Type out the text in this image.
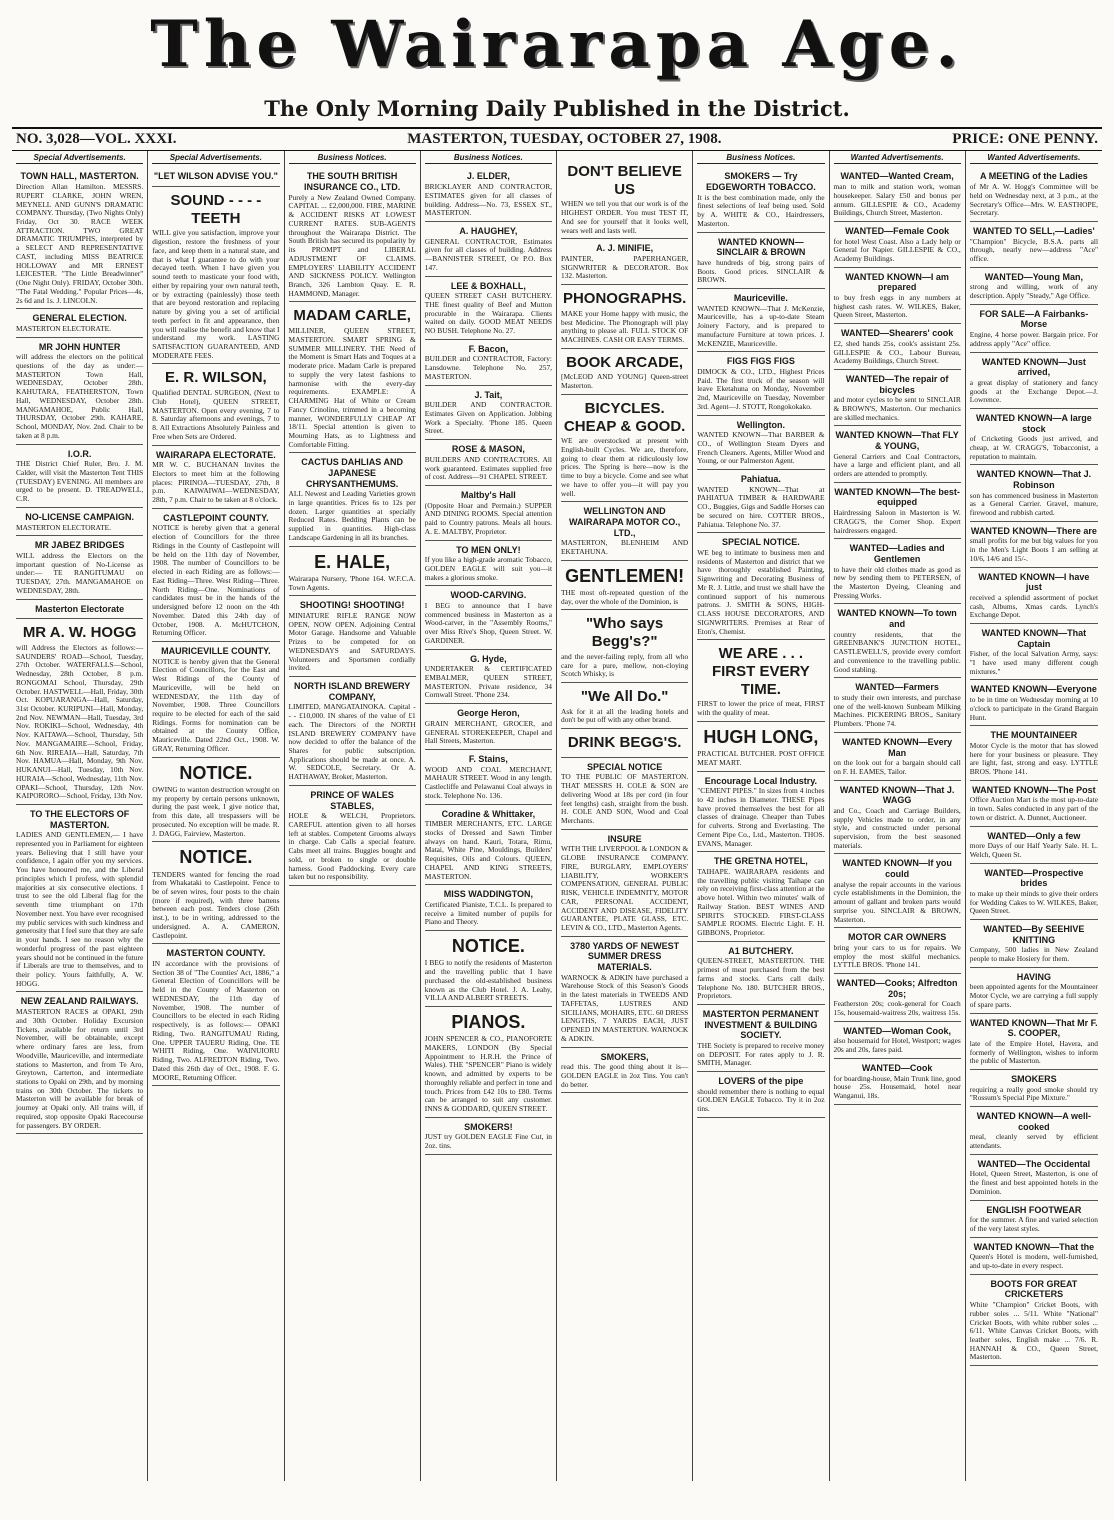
The Wairarapa Age.
The Only Morning Daily Published in the District.
NO. 3,028—VOL. XXXI.	MASTERTON, TUESDAY, OCTOBER 27, 1908.	PRICE: ONE PENNY.
Special Advertisements.
TOWN HALL, MASTERTON.
Direction Allan Hamilton. MESSRS. RUPERT CLARKE, JOHN WREN, MEYNELL AND GUNN'S DRAMATIC COMPANY. Thursday, (Two Nights Only) Friday, Oct 30. RACE WEEK ATTRACTION. TWO GREAT DRAMATIC TRIUMPHS, interpreted by a SELECT AND REPRESENTATIVE CAST, including MISS BEATRICE HOLLOWAY and MR ERNEST LEICESTER. "The Little Breadwinner" (One Night Only). FRIDAY, October 30th. "The Fatal Wedding." Popular Prices—4s, 2s 6d and 1s. J. LINCOLN.
GENERAL ELECTION.
MASTERTON ELECTORATE.
MR JOHN HUNTER
will address the electors on the political questions of the day as under:— MASTERTON Town Hall, WEDNESDAY, October 28th. KAHUTARA, FEATHERSTON, Town Hall, WEDNESDAY, October 28th. MANGAMAHOE, Public Hall, THURSDAY, October 29th. KAHARE, School, MONDAY, Nov. 2nd. Chair to be taken at 8 p.m.
I.O.R.
THE District Chief Ruler, Bro. J. M. Calder, will visit the Masterton Tent THIS (TUESDAY) EVENING. All members are urged to be present. D. TREADWELL, C.R.
NO-LICENSE CAMPAIGN.
MASTERTON ELECTORATE.
MR JABEZ BRIDGES
WILL address the Electors on the important question of No-License as under:— TE RANGITUMAU on TUESDAY, 27th. MANGAMAHOE on WEDNESDAY, 28th.
Masterton Electorate
MR A. W. HOGG
will Address the Electors as follows:— SAUNDERS' ROAD—School, Tuesday, 27th October. WATERFALLS—School, Wednesday, 28th October, 8 p.m. RONGOMAI School, Thursday, 29th October. HASTWELL—Hall, Friday, 30th Oct. KOPUARANGA—Hall, Saturday, 31st October. KURIPUNI—Hall, Monday, 2nd Nov. NEWMAN—Hall, Tuesday, 3rd Nov. ROKIKI—School, Wednesday, 4th Nov. KAITAWA—School, Thursday, 5th Nov. MANGAMAIRE—School, Friday, 6th Nov. RIREAIA—Hall, Saturday, 7th Nov. HAMUA—Hall, Monday, 9th Nov. HUKANUI—Hall, Tuesday, 10th Nov. HURAIA—School, Wednesday, 11th Nov. OPAKI—School, Thursday, 12th Nov. KAIPORORO—School, Friday, 13th Nov.
TO THE ELECTORS OF MASTERTON.
LADIES AND GENTLEMEN,— I have represented you in Parliament for eighteen years. Believing that I still have your confidence, I again offer you my services. You have honoured me, and the Liberal principles which I profess, with splendid majorities at six consecutive elections. I trust to see the old Liberal flag for the seventh time triumphant on 17th November next. You have ever recognised my public services with such kindness and generosity that I feel sure that they are safe in your hands. I see no reason why the wonderful progress of the past eighteen years should not be continued in the future if Liberals are true to themselves, and to their policy. Yours faithfully, A. W. HOGG.
NEW ZEALAND RAILWAYS.
MASTERTON RACES at OPAKI, 29th and 30th October. Holiday Excursion Tickets, available for return until 3rd November, will be obtainable, except where ordinary fares are less, from Woodville, Mauriceville, and intermediate stations to Masterton, and from Te Aro, Greytown, Carterton, and intermediate stations to Opaki on 29th, and by morning trains on 30th October. The tickets to Masterton will be available for break of journey at Opaki only. All trains will, if required, stop opposite Opaki Racecourse for passengers. BY ORDER.
Special Advertisements.
"LET WILSON ADVISE YOU."
SOUND - - - - TEETH
WILL give you satisfaction, improve your digestion, restore the freshness of your face, and keep them in a natural state, and that is what I guarantee to do with your decayed teeth. When I have given you sound teeth to masticate your food with, either by repairing your own natural teeth, or by extracting (painlessly) those teeth that are beyond restoration and replacing nature by giving you a set of artificial teeth perfect in fit and appearance, then you will realise the benefit and know that I understand my work. LASTING SATISFACTION GUARANTEED, AND MODERATE FEES.
E. R. WILSON,
Qualified DENTAL SURGEON, (Next to Club Hotel), QUEEN STREET, MASTERTON. Open every evening, 7 to 8. Saturday afternoons and evenings, 7 to 8. All Extractions Absolutely Painless and Free when Sets are Ordered.
WAIRARAPA ELECTORATE.
MR W. C. BUCHANAN Invites the Electors to meet him at the following places: PIRINOA—TUESDAY, 27th, 8 p.m. KAIWAIWAI—WEDNESDAY, 28th, 7 p.m. Chair to be taken at 8 o'clock.
CASTLEPOINT COUNTY.
NOTICE is hereby given that a general election of Councillors for the three Ridings in the County of Castlepoint will be held on the 11th day of November, 1908. The number of Councillors to be elected in each Riding are as follows:— East Riding—Three. West Riding—Three. North Riding—One. Nominations of candidates must be in the hands of the undersigned before 12 noon on the 4th November. Dated this 24th day of October, 1908. A. McHUTCHON, Returning Officer.
MAURICEVILLE COUNTY.
NOTICE is hereby given that the General Election of Councillors, for the East and West Ridings of the County of Mauriceville, will be held on WEDNESDAY, the 11th day of November, 1908. Three Councillors require to be elected for each of the said Ridings. Forms for nomination can be obtained at the County Office, Mauriceville. Dated 22nd Oct., 1908. W. GRAY, Returning Officer.
NOTICE.
OWING to wanton destruction wrought on my property by certain persons unknown, during the past week, I give notice that, from this date, all trespassers will be prosecuted. No exception will be made. R. J. DAGG, Fairview, Masterton.
NOTICE.
TENDERS wanted for fencing the road from Whakataki to Castlepoint. Fence to be of seven wires, four posts to the chain (more if required), with three battens between each post. Tenders close (26th inst.), to be in writing, addressed to the undersigned. A. A. CAMERON, Castlepoint.
MASTERTON COUNTY.
IN accordance with the provisions of Section 38 of "The Counties' Act, 1886," a General Election of Councillors will be held in the County of Masterton on WEDNESDAY, the 11th day of November, 1908. The number of Councillors to be elected in each Riding respectively, is as follows:— OPAKI Riding, Two. RANGITUMAU Riding, One. UPPER TAUERU Riding, One. TE WHITI Riding, One. WAINUIORU Riding, Two. ALFREDTON Riding, Two. Dated this 26th day of Oct., 1908. F. G. MOORE, Returning Officer.
Business Notices.
THE SOUTH BRITISH INSURANCE CO., LTD.
Purely a New Zealand Owned Company. CAPITAL ... £2,000,000. FIRE, MARINE & ACCIDENT RISKS AT LOWEST CURRENT RATES. SUB-AGENTS throughout the Wairarapa District. The South British has secured its popularity by its PROMPT and LIBERAL ADJUSTMENT OF CLAIMS. EMPLOYERS' LIABILITY ACCIDENT AND SICKNESS POLICY. Wellington Branch, 326 Lambton Quay. E. R. HAMMOND, Manager.
MADAM CARLE,
MILLINER, QUEEN STREET, MASTERTON. SMART SPRING & SUMMER MILLINERY. THE Need of the Moment is Smart Hats and Toques at a moderate price. Madam Carle is prepared to supply the very latest fashions to harmonise with the every-day requirements. EXAMPLE: A CHARMING Hat of White or Cream Fancy Crinoline, trimmed in a becoming manner, WONDERFULLY CHEAP AT 18/11. Special attention is given to Mourning Hats, as to Lightness and Comfortable Fitting.
CACTUS DAHLIAS AND JAPANESE CHRYSANTHEMUMS.
ALL Newest and Leading Varieties grown in large quantities. Prices 6s to 12s per dozen. Larger quantities at specially Reduced Rates. Bedding Plants can be supplied in quantities. High-class Landscape Gardening in all its branches.
E. HALE,
Wairarapa Nursery, 'Phone 164. W.F.C.A. Town Agents.
SHOOTING! SHOOTING!
MINIATURE RIFLE RANGE NOW OPEN, NOW OPEN. Adjoining Central Motor Garage. Handsome and Valuable Prizes to be competed for on WEDNESDAYS and SATURDAYS. Volunteers and Sportsmen cordially invited.
NORTH ISLAND BREWERY COMPANY,
LIMITED, MANGATAINOKA. Capital - - - £10,000. IN shares of the value of £1 each. The Directors of the NORTH ISLAND BREWERY COMPANY have now decided to offer the balance of the Shares for public subscription. Applications should be made at once. A. W. SEDCOLE, Secretary. Or A. HATHAWAY, Broker, Masterton.
PRINCE OF WALES STABLES,
HOLE & WELCH, Proprietors. CAREFUL attention given to all horses left at stables. Competent Grooms always in charge. Cab Calls a special feature. Cabs meet all trains. Buggies bought and sold, or broken to single or double harness. Good Paddocking. Every care taken but no responsibility.
Business Notices.
J. ELDER,
BRICKLAYER AND CONTRACTOR, ESTIMATES given for all classes of building. Address—No. 73, ESSEX ST., MASTERTON.
A. HAUGHEY,
GENERAL CONTRACTOR, Estimates given for all classes of building. Address—BANNISTER STREET, Or P.O. Box 147.
LEE & BOXHALL,
QUEEN STREET CASH BUTCHERY. THE finest quality of Beef and Mutton procurable in the Wairarapa. Clients waited on daily. GOOD MEAT NEEDS NO BUSH. Telephone No. 27.
F. Bacon,
BUILDER and CONTRACTOR, Factory: Lansdowne. Telephone No. 257, MASTERTON.
J. Tait,
BUILDER AND CONTRACTOR. Estimates Given on Application. Jobbing Work a Specialty. 'Phone 185. Queen Street.
ROSE & MASON,
BUILDERS AND CONTRACTORS. All work guaranteed. Estimates supplied free of cost. Address—91 CHAPEL STREET.
Maltby's Hall
(Opposite Hoar and Permain.) SUPPER AND DINING ROOMS. Special attention paid to Country patrons. Meals all hours. A. E. MALTBY, Proprietor.
TO MEN ONLY!
If you like a high-grade aromatic Tobacco, GOLDEN EAGLE will suit you—it makes a glorious smoke.
WOOD-CARVING.
I BEG to announce that I have commenced business in Masterton as a Wood-carver, in the "Assembly Rooms," over Miss Rive's Shop, Queen Street. W. GARDINER.
G. Hyde,
UNDERTAKER & CERTIFICATED EMBALMER, QUEEN STREET, MASTERTON. Private residence, 34 Cornwall Street. 'Phone 234.
George Heron,
GRAIN MERCHANT, GROCER, and GENERAL STOREKEEPER, Chapel and Hall Streets, Masterton.
F. Stains,
WOOD AND COAL MERCHANT, MAHAUR STREET. Wood in any length. Castlecliffe and Pelawanui Coal always in stock. Telephone No. 136.
Coradine & Whittaker,
TIMBER MERCHANTS, ETC. LARGE stocks of Dressed and Sawn Timber always on hand. Kauri, Totara, Rimu, Matai, White Pine, Mouldings, Builders' Requisites, Oils and Colours. QUEEN, CHAPEL AND KING STREETS, MASTERTON.
MISS WADDINGTON,
Certificated Pianiste, T.C.L. Is prepared to receive a limited number of pupils for Piano and Theory.
NOTICE.
I BEG to notify the residents of Masterton and the travelling public that I have purchased the old-established business known as the Club Hotel. J. A. Leahy, VILLA AND ALBERT STREETS.
PIANOS.
JOHN SPENCER & CO., PIANOFORTE MAKERS, LONDON (By Special Appointment to H.R.H. the Prince of Wales). THE "SPENCER" Piano is widely known, and admitted by experts to be thoroughly reliable and perfect in tone and touch. Prices from £42 10s to £80. Terms can be arranged to suit any customer. INNS & GODDARD, QUEEN STREET.
SMOKERS!
JUST try GOLDEN EAGLE Fine Cut, in 2oz. tins.
DON'T BELIEVE US
WHEN we tell you that our work is of the HIGHEST ORDER. You must TEST IT, And see for yourself that it looks well, wears well and lasts well.
A. J. MINIFIE,
PAINTER, PAPERHANGER, SIGNWRITER & DECORATOR. Box 132. Masterton.
PHONOGRAPHS.
MAKE your Home happy with music, the best Medicine. The Phonograph will play anything to please all. FULL STOCK OF MACHINES. CASH OR EASY TERMS.
BOOK ARCADE,
[McLEOD AND YOUNG] Queen-street Masterton.
BICYCLES. CHEAP & GOOD.
WE are overstocked at present with English-built Cycles. We are, therefore, going to clear them at ridiculously low prices. The Spring is here—now is the time to buy a bicycle. Come and see what we have to offer you—it will pay you well.
WELLINGTON AND WAIRARAPA MOTOR CO., LTD.,
MASTERTON, BLENHEIM AND EKETAHUNA.
GENTLEMEN!
THE most oft-repeated question of the day, over the whole of the Dominion, is
"Who says Begg's?"
and the never-failing reply, from all who care for a pure, mellow, non-cloying Scotch Whisky, is
"We All Do."
Ask for it at all the leading hotels and don't be put off with any other brand.
DRINK BEGG'S.
SPECIAL NOTICE
TO THE PUBLIC OF MASTERTON. THAT MESSRS H. COLE & SON are delivering Wood at 18s per cord (in four feet lengths) cash, straight from the bush. H. COLE AND SON, Wood and Coal Merchants.
INSURE
WITH THE LIVERPOOL & LONDON & GLOBE INSURANCE COMPANY. FIRE, BURGLARY, EMPLOYERS' LIABILITY, WORKER'S COMPENSATION, GENERAL PUBLIC RISK, VEHICLE INDEMNITY, MOTOR CAR, PERSONAL ACCIDENT, ACCIDENT AND DISEASE, FIDELITY GUARANTEE, PLATE GLASS, ETC. LEVIN & CO., LTD., Masterton Agents.
3780 YARDS OF NEWEST SUMMER DRESS MATERIALS.
WARNOCK & ADKIN have purchased a Warehouse Stock of this Season's Goods in the latest materials in TWEEDS AND TAFFETAS, LUSTRES AND SICILIANS, MOHAIRS, ETC. 60 DRESS LENGTHS, 7 YARDS EACH, JUST OPENED IN MASTERTON. WARNOCK & ADKIN.
SMOKERS,
read this. The good thing about it is—GOLDEN EAGLE in 2oz Tins. You can't do better.
Business Notices.
SMOKERS — Try EDGEWORTH TOBACCO.
It is the best combination made, only the finest selections of leaf being used. Sold by A. WHITE & CO., Hairdressers, Masterton.
WANTED KNOWN—SINCLAIR & BROWN
have hundreds of big, strong pairs of Boots. Good prices. SINCLAIR & BROWN.
Mauriceville.
WANTED KNOWN—That J. McKenzie, Mauriceville, has a up-to-date Steam Joinery Factory, and is prepared to manufacture Furniture at town prices. J. McKENZIE, Mauriceville.
FIGS FIGS FIGS
DIMOCK & CO., LTD., Highest Prices Paid. The first truck of the season will leave Eketahuna on Monday, November 2nd, Mauriceville on Tuesday, November 3rd. Agent—J. STOTT, Rongokokako.
Wellington.
WANTED KNOWN—That BARBER & CO., of Wellington Steam Dyers and French Cleaners. Agents, Miller Wood and Young, or our Palmerston Agent.
Pahiatua.
WANTED KNOWN—That at PAHIATUA TIMBER & HARDWARE CO., Buggies, Gigs and Saddle Horses can be secured on hire. COTTER BROS., Pahiatua. Telephone No. 37.
SPECIAL NOTICE.
WE beg to intimate to business men and residents of Masterton and district that we have thoroughly established Painting, Signwriting and Decorating Business of Mr R. J. Little, and trust we shall have the continued support of his numerous patrons. J. SMITH & SONS, HIGH-CLASS HOUSE DECORATORS, AND SIGNWRITERS. Premises at Rear of Eton's, Chemist.
WE ARE . . . FIRST EVERY TIME.
FIRST to lower the price of meat, FIRST with the quality of meat.
HUGH LONG,
PRACTICAL BUTCHER. POST OFFICE MEAT MART.
Encourage Local Industry.
"CEMENT PIPES." In sizes from 4 inches to 42 inches in Diameter. THESE Pipes have proved themselves the best for all classes of drainage. Cheaper than Tubes for culverts. Strong and Everlasting. The Cement Pipe Co., Ltd., Masterton. THOS. EVANS, Manager.
THE GRETNA HOTEL,
TAIHAPE. WAIRARAPA residents and the travelling public visiting Taihape can rely on receiving first-class attention at the above hotel. Within two minutes' walk of Railway Station. BEST WINES AND SPIRITS STOCKED. FIRST-CLASS SAMPLE ROOMS. Electric Light. F. H. GIBBONS, Proprietor.
A1 BUTCHERY.
QUEEN-STREET, MASTERTON. THE primest of meat purchased from the best farms and stocks. Carts call daily. Telephone No. 180. BUTCHER BROS., Proprietors.
MASTERTON PERMANENT INVESTMENT & BUILDING SOCIETY.
THE Society is prepared to receive money on DEPOSIT. For rates apply to J. R. SMITH, Manager.
LOVERS of the pipe
should remember there is nothing to equal GOLDEN EAGLE Tobacco. Try it in 2oz tins.
Wanted Advertisements.
WANTED—Wanted Cream,
man to milk and station work, woman housekeeper. Salary £50 and bonus per annum. GILLESPIE & CO., Academy Buildings, Church Street, Masterton.
WANTED—Female Cook
for hotel West Coast. Also a Lady help or General for Napier. GILLESPIE & CO., Academy Buildings.
WANTED KNOWN—I am prepared
to buy fresh eggs in any numbers at highest cash rates. W. WILKES, Baker, Queen Street, Masterton.
WANTED—Shearers' cook
£2, shed hands 25s, cook's assistant 25s. GILLESPIE & CO., Labour Bureau, Academy Buildings, Church Street.
WANTED—The repair of bicycles
and motor cycles to be sent to SINCLAIR & BROWN'S, Masterton. Our mechanics are skilled mechanics.
WANTED KNOWN—That FLY & YOUNG,
General Carriers and Coal Contractors, have a large and efficient plant, and all orders are attended to promptly.
WANTED KNOWN—The best-equipped
Hairdressing Saloon in Masterton is W. CRAGG'S, the Corner Shop. Expert hairdressers engaged.
WANTED—Ladies and Gentlemen
to have their old clothes made as good as new by sending them to PETERSEN, of the Masterton Dyeing, Cleaning and Pressing Works.
WANTED KNOWN—To town and
country residents, that the GREENBANK'S JUNCTION HOTEL, CASTLEWELL'S, provide every comfort and convenience to the travelling public. Good stabling.
WANTED—Farmers
to study their own interests, and purchase one of the well-known Sunbeam Milking Machines. PICKERING BROS., Sanitary Plumbers. 'Phone 74.
WANTED KNOWN—Every Man
on the look out for a bargain should call on F. H. EAMES, Tailor.
WANTED KNOWN—That J. WAGG
and Co., Coach and Carriage Builders, supply Vehicles made to order, in any style, and constructed under personal supervision, from the best seasoned materials.
WANTED KNOWN—If you could
analyse the repair accounts in the various cycle establishments in the Dominion, the amount of gallant and broken parts would surprise you. SINCLAIR & BROWN, Masterton.
MOTOR CAR OWNERS
bring your cars to us for repairs. We employ the most skilful mechanics. LYTTLE BROS. 'Phone 141.
WANTED—Cooks; Alfredton 20s;
Featherston 20s; cook-general for Coach 15s, housemaid-waitress 20s, waitress 15s.
WANTED—Woman Cook,
also housemaid for Hotel, Westport; wages 20s and 20s, fares paid.
WANTED—Cook
for boarding-house, Main Trunk line, good house 25s. Housemaid, hotel near Wanganui, 18s.
Wanted Advertisements.
A MEETING of the Ladies
of Mr A. W. Hogg's Committee will be held on Wednesday next, at 3 p.m., at the Secretary's Office—Mrs. W. EASTHOPE, Secretary.
WANTED TO SELL,—Ladies'
"Champion" Bicycle, B.S.A. parts all through, nearly new—address "Ace" office.
WANTED—Young Man,
strong and willing, work of any description. Apply "Steady," Age Office.
FOR SALE—A Fairbanks-Morse
Engine, 4 horse power. Bargain price. For address apply "Ace" office.
WANTED KNOWN—Just arrived,
a great display of stationery and fancy goods at the Exchange Depot.—J. Lowrence.
WANTED KNOWN—A large stock
of Cricketing Goods just arrived, and cheap, at W. CRAGG'S, Tobacconist, a reputation to maintain.
WANTED KNOWN—That J. Robinson
son has commenced business in Masterton as a General Carrier. Gravel, manure, firewood and rubbish carted.
WANTED KNOWN—There are
small profits for me but big values for you in the Men's Light Boots I am selling at 10/6, 14/6 and 15/-.
WANTED KNOWN—I have just
received a splendid assortment of pocket cash, Albums, Xmas cards. Lynch's Exchange Depot.
WANTED KNOWN—That Captain
Fisher, of the local Salvation Army, says: "I have used many different cough mixtures."
WANTED KNOWN—Everyone
to be in time on Wednesday morning at 10 o'clock to participate in the Grand Bargain Hunt.
THE MOUNTAINEER
Motor Cycle is the motor that has slowed here for your business or pleasure. They are light, fast, strong and easy. LYTTLE BROS. 'Phone 141.
WANTED KNOWN—The Post
Office Auction Mart is the most up-to-date in town. Sales conducted in any part of the town or district. A. Dunnet, Auctioneer.
WANTED—Only a few
more Days of our Half Yearly Sale. H. L. Welch, Queen St.
WANTED—Prospective brides
to make up their minds to give their orders for Wedding Cakes to W. WILKES, Baker, Queen Street.
WANTED—By SEEHIVE KNITTING
Company, 500 ladies in New Zealand people to make Hosiery for them.
HAVING
been appointed agents for the Mountaineer Motor Cycle, we are carrying a full supply of spare parts.
WANTED KNOWN—That Mr F. S. COOPER,
late of the Empire Hotel, Havera, and formerly of Wellington, wishes to inform the public of Masterton.
SMOKERS
requiring a really good smoke should try "Rossum's Special Pipe Mixture."
WANTED KNOWN—A well-cooked
meal, cleanly served by efficient attendants.
WANTED—The Occidental
Hotel, Queen Street, Masterton, is one of the finest and best appointed hotels in the Dominion.
ENGLISH FOOTWEAR
for the summer. A fine and varied selection of the very latest styles.
WANTED KNOWN—That the
Queen's Hotel is modern, well-furnished, and up-to-date in every respect.
BOOTS FOR GREAT CRICKETERS
White "Champion" Cricket Boots, with rubber soles ... 5/11. White "National" Cricket Boots, with white rubber soles ... 6/11. White Canvas Cricket Boots, with leather soles, English make ... 7/6. R. HANNAH & CO., Queen Street, Masterton.
